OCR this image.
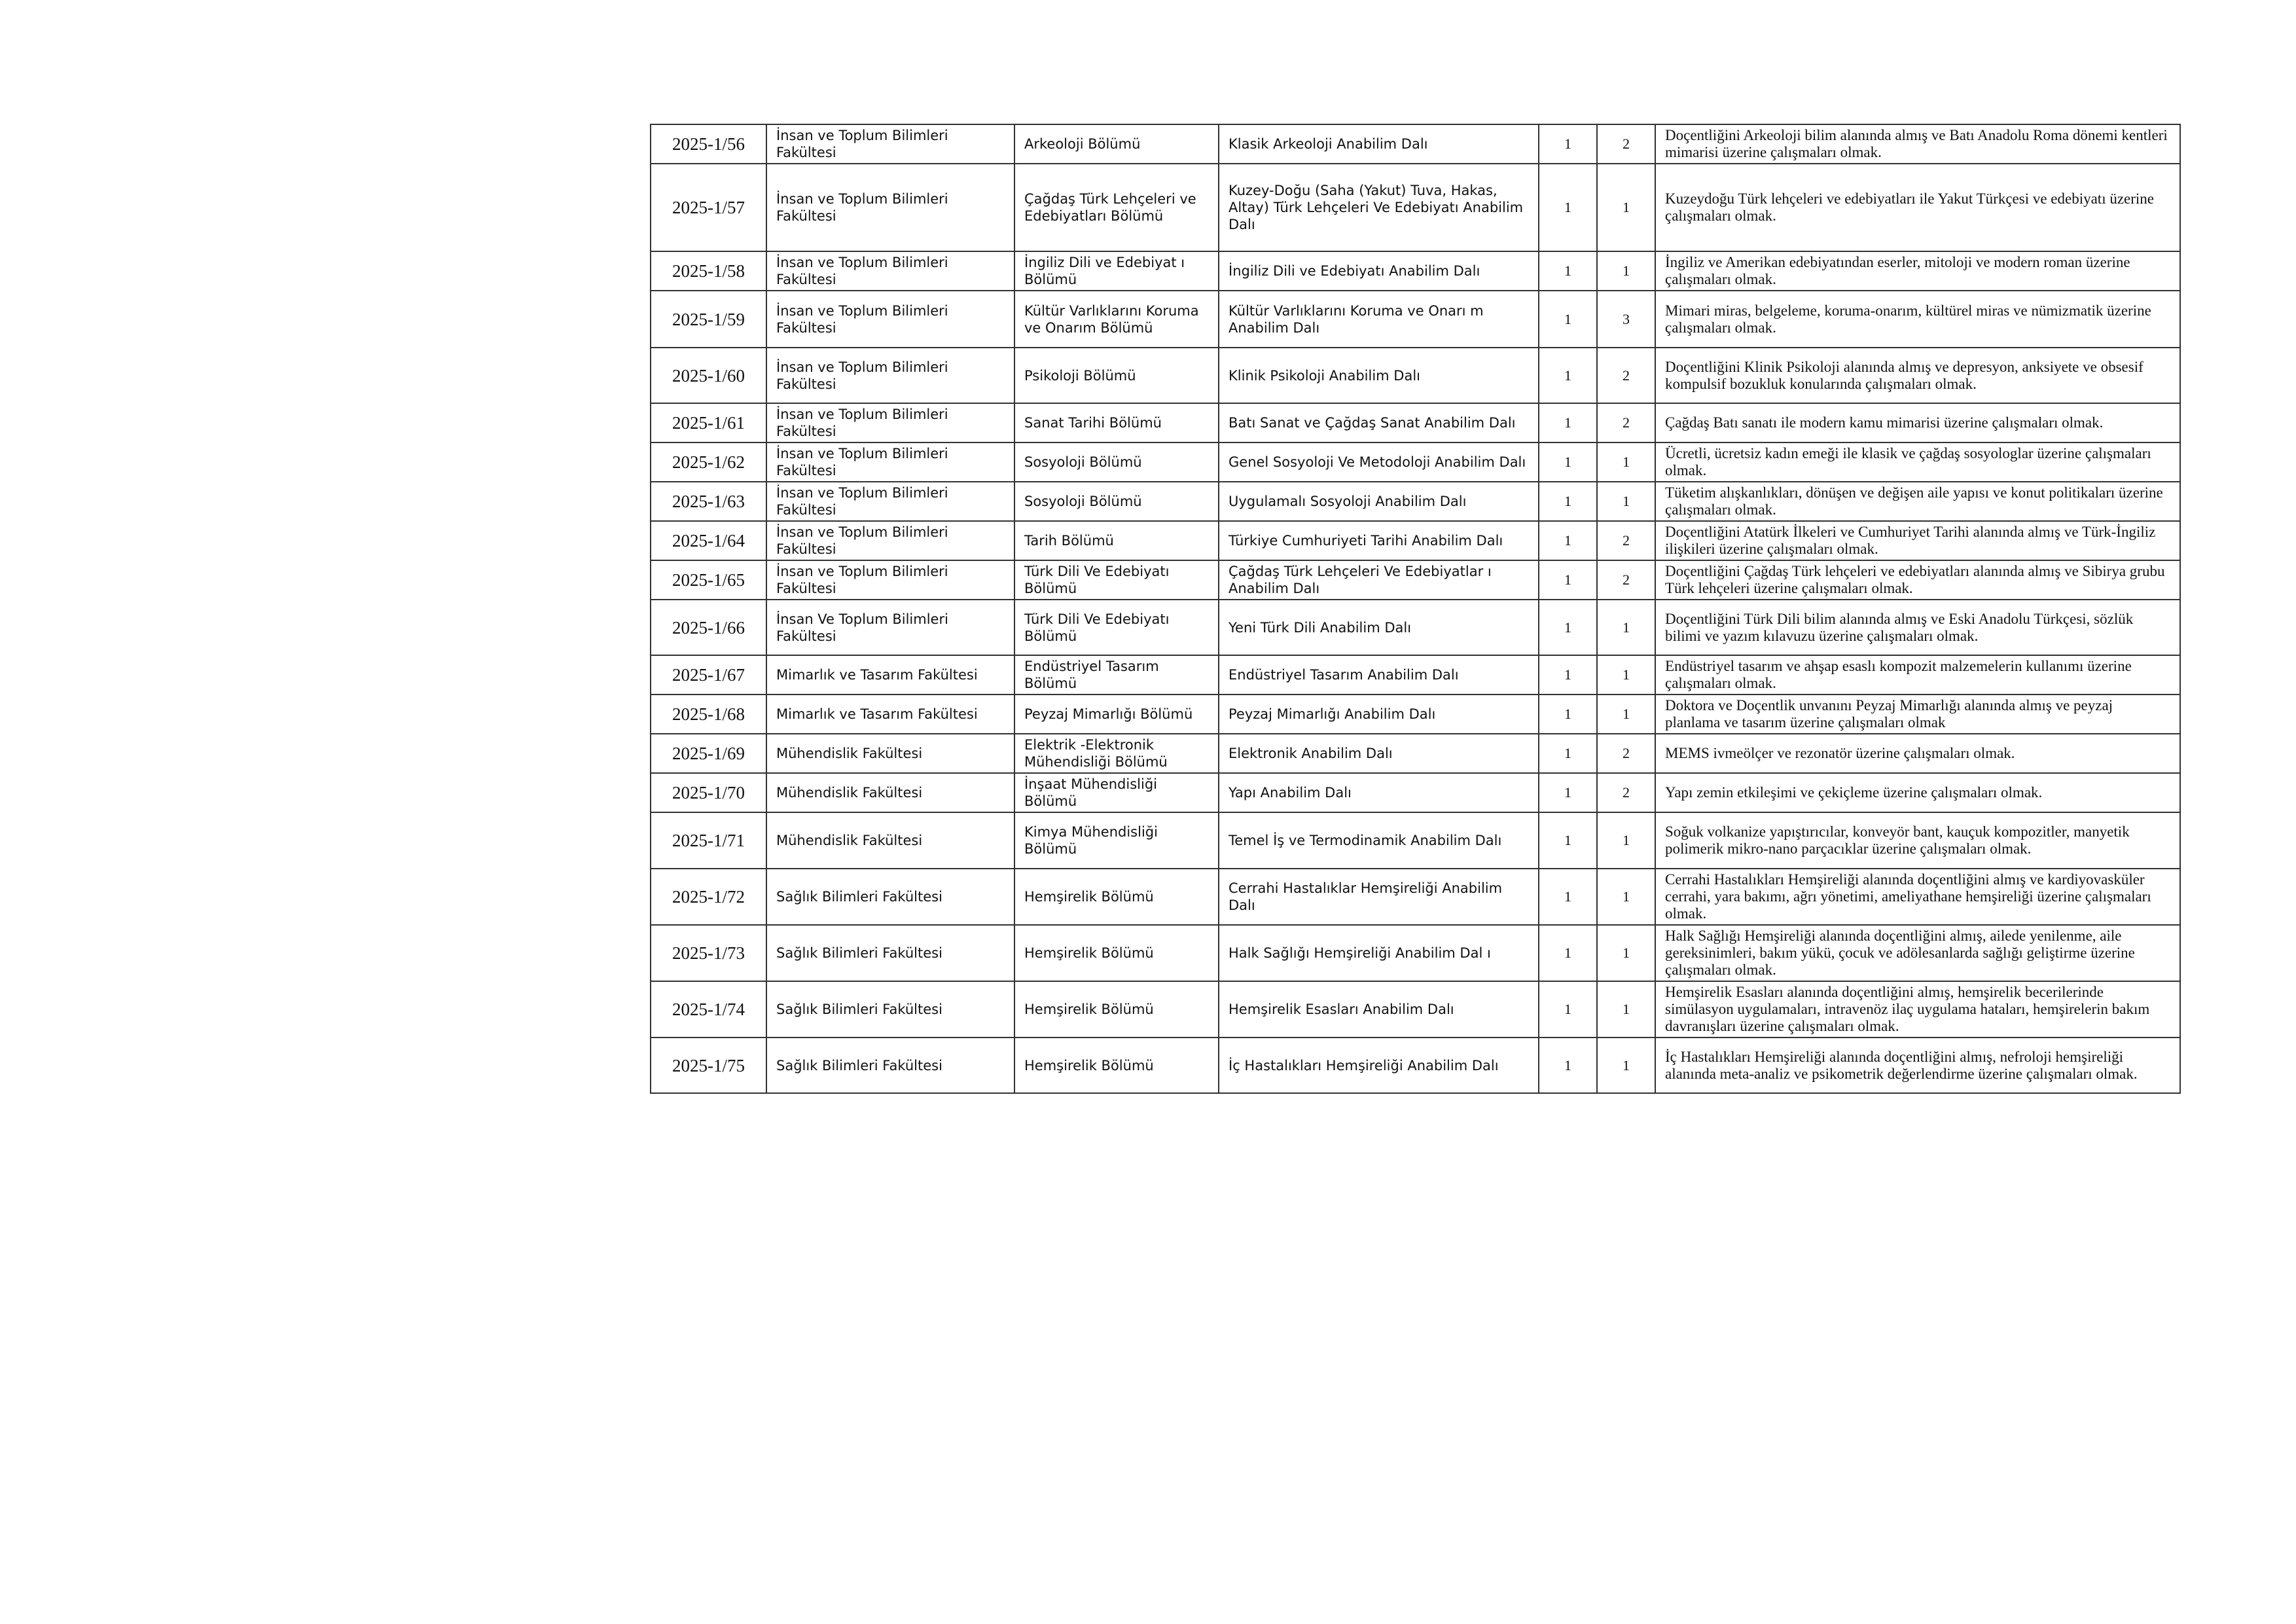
2025-1/56	İnsan ve Toplum Bilimleri Fakültesi	Arkeoloji Bölümü	Klasik Arkeoloji Anabilim Dalı	1	2	Doçentliğini Arkeoloji bilim alanında almış ve Batı Anadolu Roma dönemi kentleri mimarisi üzerine çalışmaları olmak.
2025-1/57	İnsan ve Toplum Bilimleri Fakültesi	Çağdaş Türk Lehçeleri ve Edebiyatları Bölümü	Kuzey-Doğu (Saha (Yakut) Tuva, Hakas, Altay) Türk Lehçeleri Ve Edebiyatı Anabilim Dalı	1	1	Kuzeydoğu Türk lehçeleri ve edebiyatları ile Yakut Türkçesi ve edebiyatı üzerine çalışmaları olmak.
2025-1/58	İnsan ve Toplum Bilimleri Fakültesi	İngiliz Dili ve Edebiyat ı Bölümü	İngiliz Dili ve Edebiyatı Anabilim Dalı	1	1	İngiliz ve Amerikan edebiyatından eserler, mitoloji ve modern roman üzerine çalışmaları olmak.
2025-1/59	İnsan ve Toplum Bilimleri Fakültesi	Kültür Varlıklarını Koruma ve Onarım Bölümü	Kültür Varlıklarını Koruma ve Onarı m Anabilim Dalı	1	3	Mimari miras, belgeleme, koruma-onarım, kültürel miras ve nümizmatik üzerine çalışmaları olmak.
2025-1/60	İnsan ve Toplum Bilimleri Fakültesi	Psikoloji Bölümü	Klinik Psikoloji Anabilim Dalı	1	2	Doçentliğini Klinik Psikoloji alanında almış ve depresyon, anksiyete ve obsesif kompulsif bozukluk konularında çalışmaları olmak.
2025-1/61	İnsan ve Toplum Bilimleri Fakültesi	Sanat Tarihi Bölümü	Batı Sanat ve Çağdaş Sanat Anabilim Dalı	1	2	Çağdaş Batı sanatı ile modern kamu mimarisi üzerine çalışmaları olmak.
2025-1/62	İnsan ve Toplum Bilimleri Fakültesi	Sosyoloji Bölümü	Genel Sosyoloji Ve Metodoloji Anabilim Dalı	1	1	Ücretli, ücretsiz kadın emeği ile klasik ve çağdaş sosyologlar üzerine çalışmaları olmak.
2025-1/63	İnsan ve Toplum Bilimleri Fakültesi	Sosyoloji Bölümü	Uygulamalı Sosyoloji Anabilim Dalı	1	1	Tüketim alışkanlıkları, dönüşen ve değişen aile yapısı ve konut politikaları üzerine çalışmaları olmak.
2025-1/64	İnsan ve Toplum Bilimleri Fakültesi	Tarih Bölümü	Türkiye Cumhuriyeti Tarihi Anabilim Dalı	1	2	Doçentliğini Atatürk İlkeleri ve Cumhuriyet Tarihi alanında almış ve Türk-İngiliz ilişkileri üzerine çalışmaları olmak.
2025-1/65	İnsan ve Toplum Bilimleri Fakültesi	Türk Dili Ve Edebiyatı Bölümü	Çağdaş Türk Lehçeleri Ve Edebiyatlar ı Anabilim Dalı	1	2	Doçentliğini Çağdaş Türk lehçeleri ve edebiyatları alanında almış ve Sibirya grubu Türk lehçeleri üzerine çalışmaları olmak.
2025-1/66	İnsan Ve Toplum Bilimleri Fakültesi	Türk Dili Ve Edebiyatı Bölümü	Yeni Türk Dili Anabilim Dalı	1	1	Doçentliğini Türk Dili bilim alanında almış ve Eski Anadolu Türkçesi, sözlük bilimi ve yazım kılavuzu üzerine çalışmaları olmak.
2025-1/67	Mimarlık ve Tasarım Fakültesi	Endüstriyel Tasarım Bölümü	Endüstriyel Tasarım Anabilim Dalı	1	1	Endüstriyel tasarım ve ahşap esaslı kompozit malzemelerin kullanımı üzerine çalışmaları olmak.
2025-1/68	Mimarlık ve Tasarım Fakültesi	Peyzaj Mimarlığı Bölümü	Peyzaj Mimarlığı Anabilim Dalı	1	1	Doktora ve Doçentlik unvanını Peyzaj Mimarlığı alanında almış ve peyzaj planlama ve tasarım üzerine çalışmaları olmak
2025-1/69	Mühendislik Fakültesi	Elektrik -Elektronik Mühendisliği Bölümü	Elektronik Anabilim Dalı	1	2	MEMS ivmeölçer ve rezonatör üzerine çalışmaları olmak.
2025-1/70	Mühendislik Fakültesi	İnşaat Mühendisliği Bölümü	Yapı Anabilim Dalı	1	2	Yapı zemin etkileşimi ve çekiçleme üzerine çalışmaları olmak.
2025-1/71	Mühendislik Fakültesi	Kimya Mühendisliği Bölümü	Temel İş ve Termodinamik Anabilim Dalı	1	1	Soğuk volkanize yapıştırıcılar, konveyör bant, kauçuk kompozitler, manyetik polimerik mikro-nano parçacıklar üzerine çalışmaları olmak.
2025-1/72	Sağlık Bilimleri Fakültesi	Hemşirelik Bölümü	Cerrahi Hastalıklar Hemşireliği Anabilim Dalı	1	1	Cerrahi Hastalıkları Hemşireliği alanında doçentliğini almış ve kardiyovasküler cerrahi, yara bakımı, ağrı yönetimi, ameliyathane hemşireliği üzerine çalışmaları olmak.
2025-1/73	Sağlık Bilimleri Fakültesi	Hemşirelik Bölümü	Halk Sağlığı Hemşireliği Anabilim Dal ı	1	1	Halk Sağlığı Hemşireliği alanında doçentliğini almış, ailede yenilenme, aile gereksinimleri, bakım yükü, çocuk ve adölesanlarda sağlığı geliştirme üzerine çalışmaları olmak.
2025-1/74	Sağlık Bilimleri Fakültesi	Hemşirelik Bölümü	Hemşirelik Esasları Anabilim Dalı	1	1	Hemşirelik Esasları alanında doçentliğini almış, hemşirelik becerilerinde simülasyon uygulamaları, intravenöz ilaç uygulama hataları, hemşirelerin bakım davranışları üzerine çalışmaları olmak.
2025-1/75	Sağlık Bilimleri Fakültesi	Hemşirelik Bölümü	İç Hastalıkları Hemşireliği Anabilim Dalı	1	1	İç Hastalıkları Hemşireliği alanında doçentliğini almış, nefroloji hemşireliği alanında meta-analiz ve psikometrik değerlendirme üzerine çalışmaları olmak.
